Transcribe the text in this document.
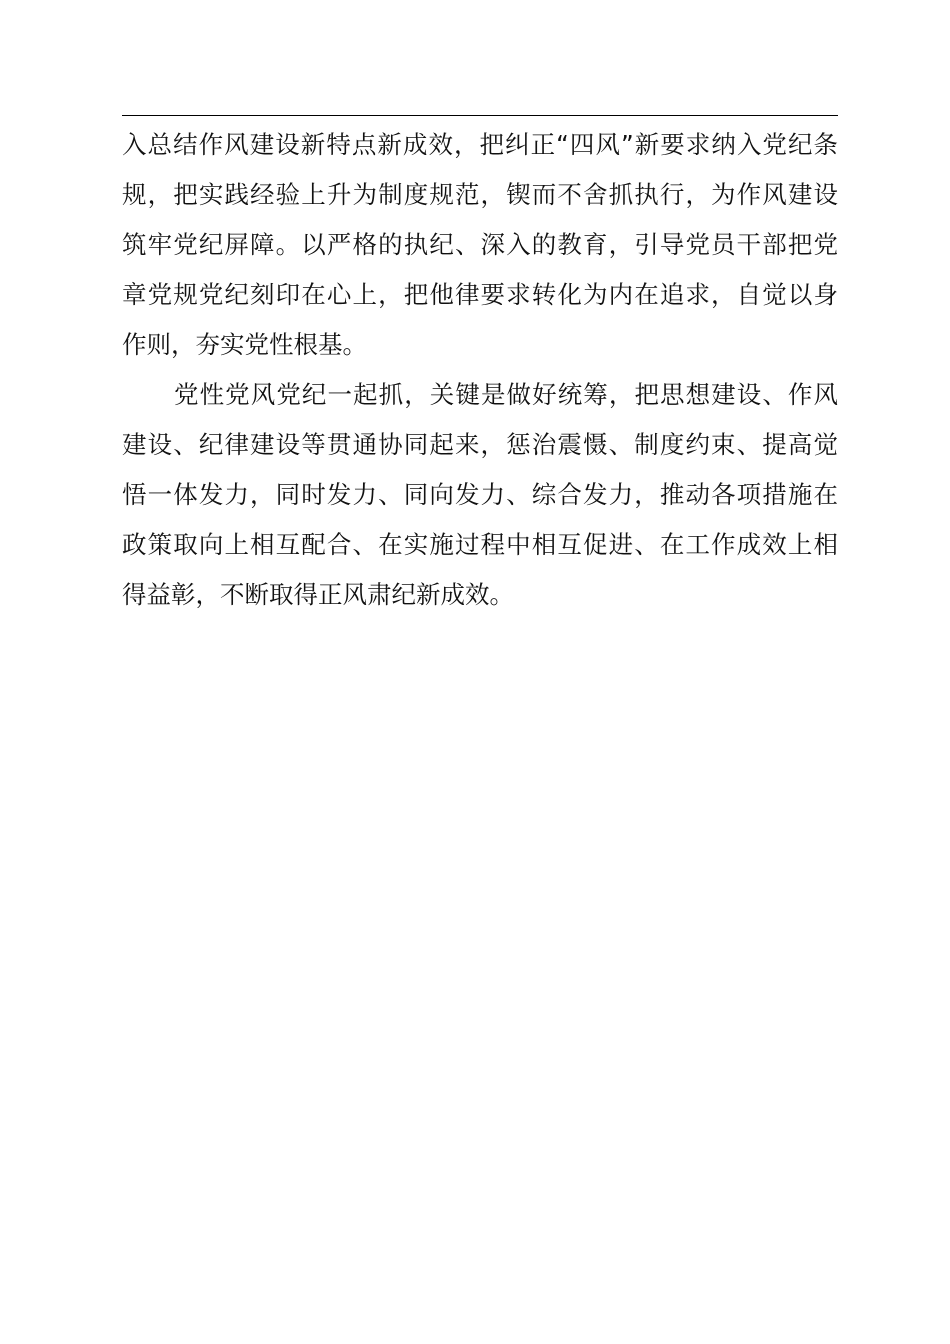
入总结作风建设新特点新成效，把纠正“四风”新要求纳入党纪条
规，把实践经验上升为制度规范，锲而不舍抓执行，为作风建设
筑牢党纪屏障。以严格的执纪、深入的教育，引导党员干部把党
章党规党纪刻印在心上，把他律要求转化为内在追求，自觉以身
作则，夯实党性根基。
党性党风党纪一起抓，关键是做好统筹，把思想建设、作风
建设、纪律建设等贯通协同起来，惩治震慑、制度约束、提高觉
悟一体发力，同时发力、同向发力、综合发力，推动各项措施在
政策取向上相互配合、在实施过程中相互促进、在工作成效上相
得益彰，不断取得正风肃纪新成效。
